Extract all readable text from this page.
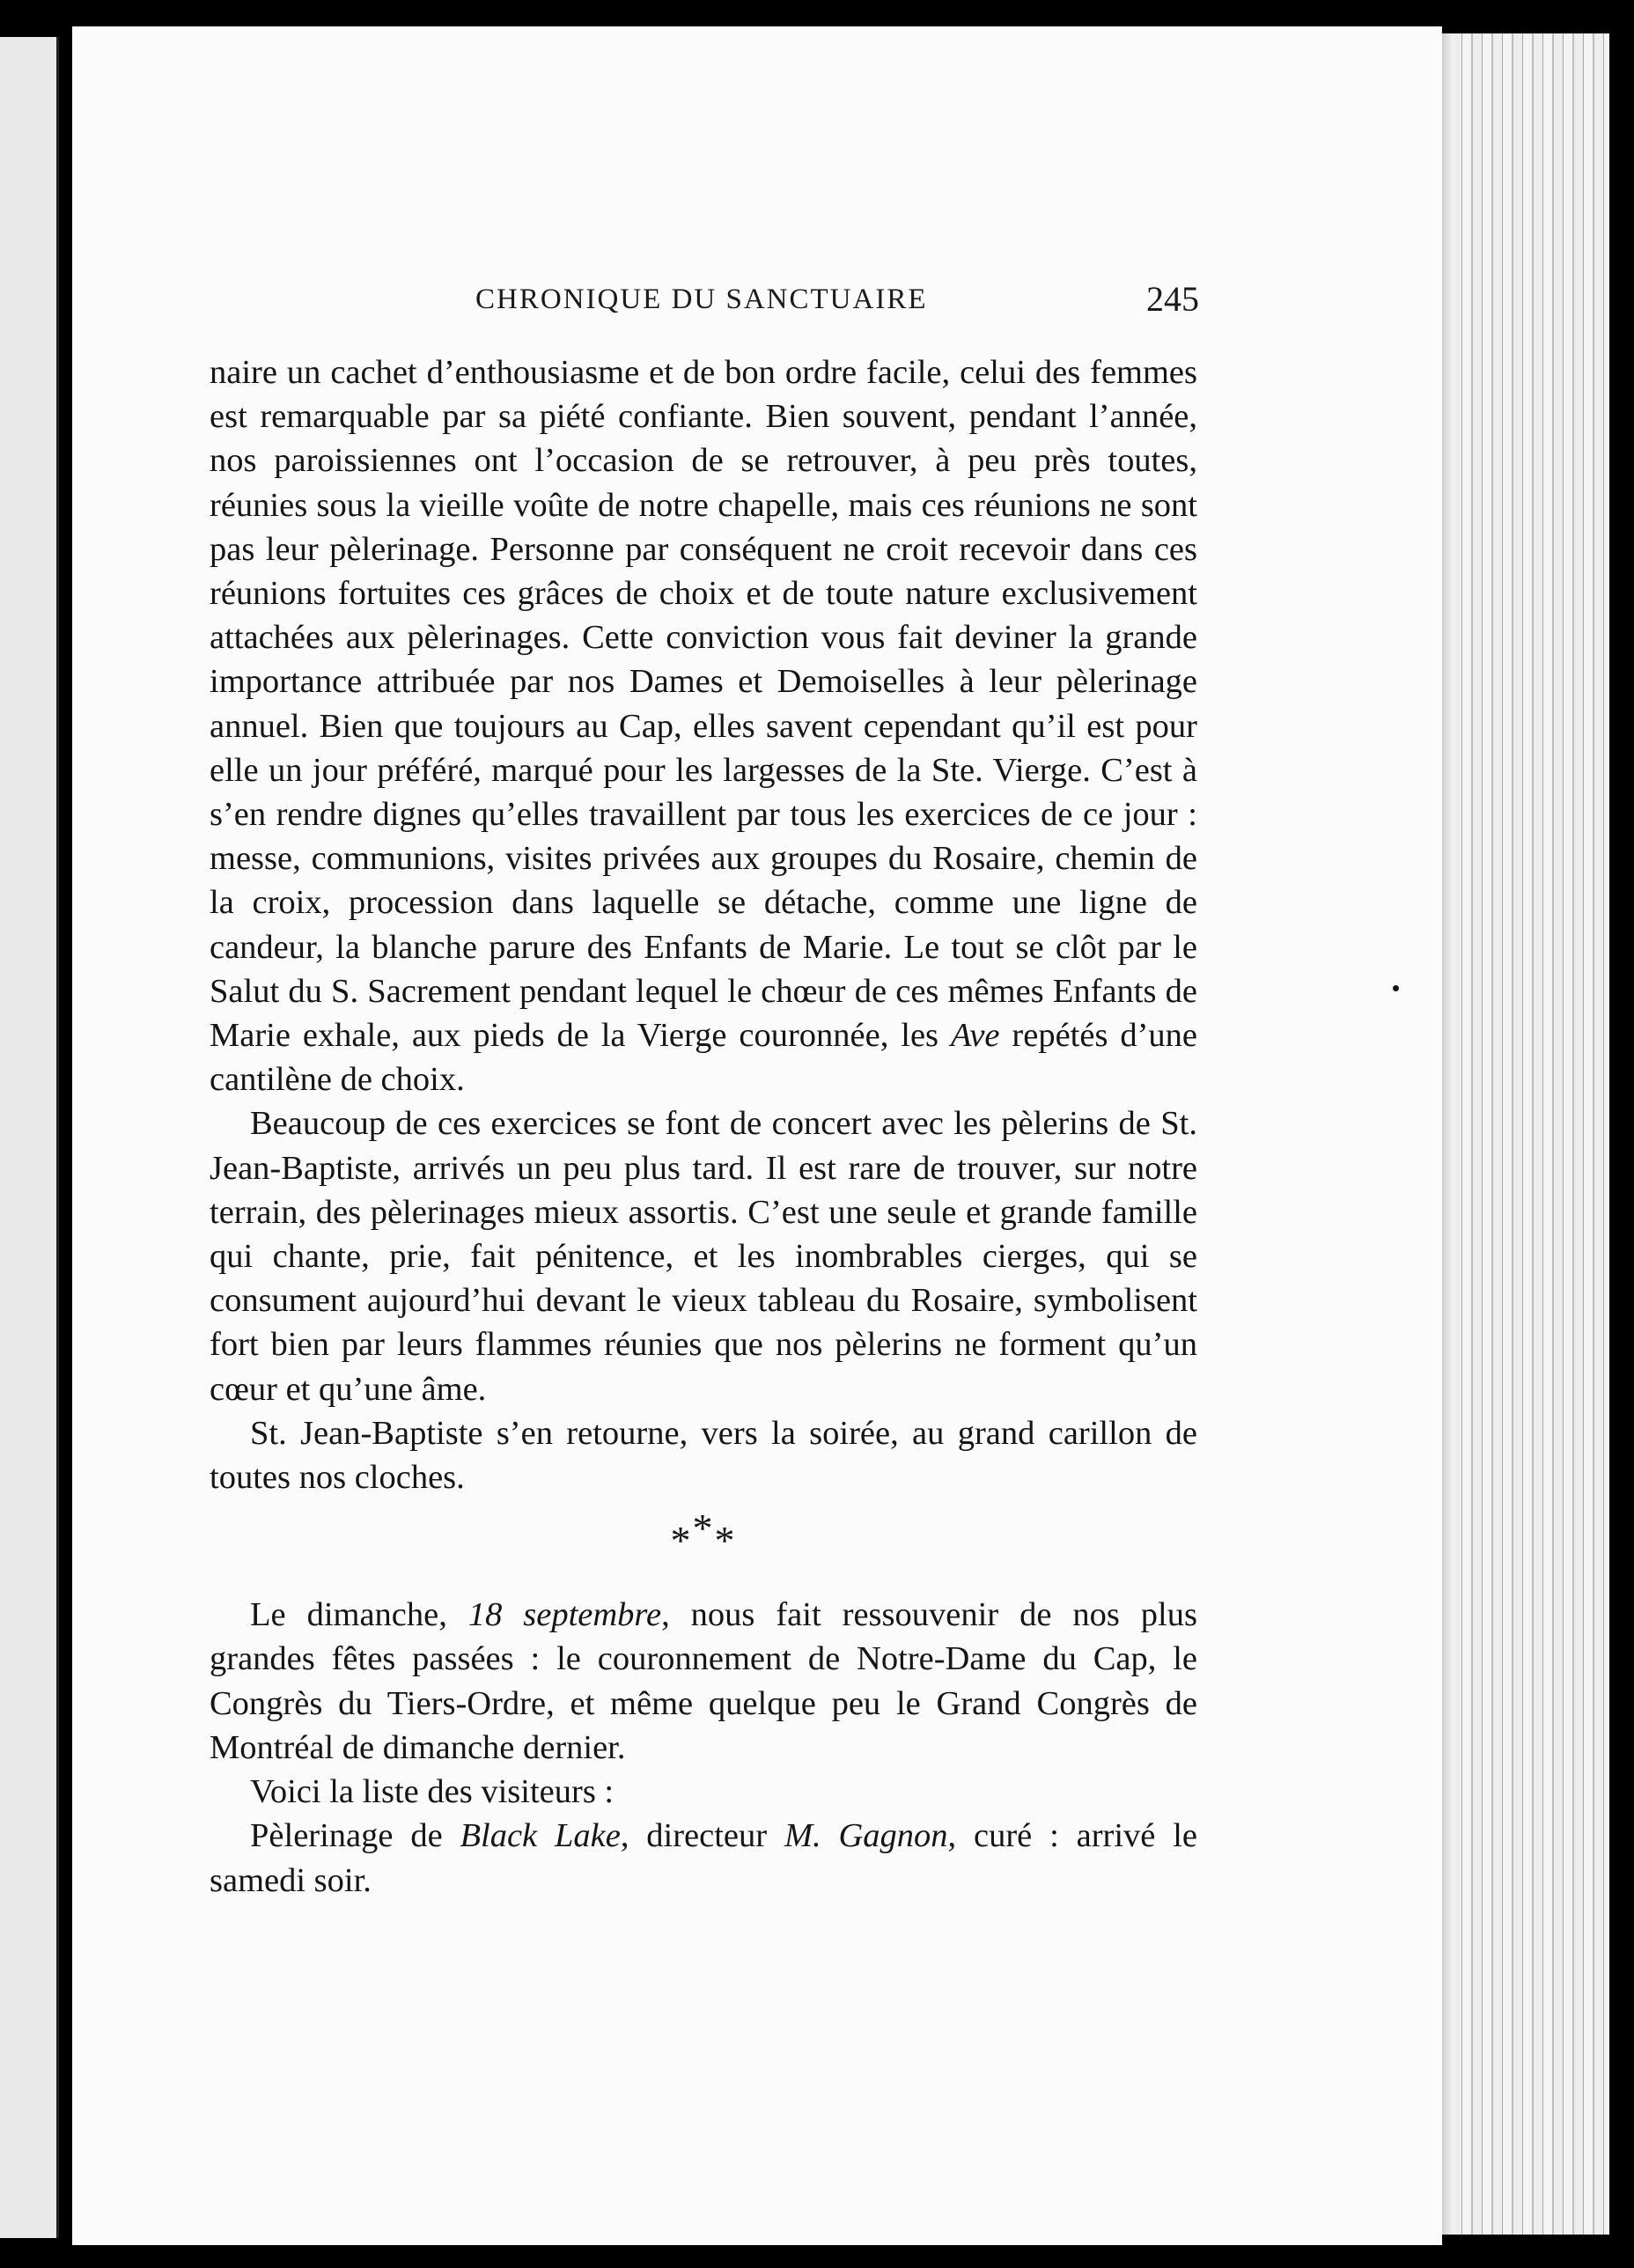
CHRONIQUE DU SANCTUAIRE	245

naire un cachet d’enthousiasme et de bon ordre facile, celui des femmes est remarquable par sa piété confiante. Bien souvent, pendant l’année, nos paroissiennes ont l’occasion de se retrouver, à peu près toutes, réunies sous la vieille voûte de notre chapelle, mais ces réunions ne sont pas leur pèlerinage. Personne par conséquent ne croit recevoir dans ces réunions fortuites ces grâces de choix et de toute nature exclusivement attachées aux pèlerinages. Cette conviction vous fait deviner la grande importance attribuée par nos Dames et Demoiselles à leur pèlerinage annuel. Bien que toujours au Cap, elles savent cependant qu’il est pour elle un jour préféré, marqué pour les largesses de la Ste. Vierge. C’est à s’en rendre dignes qu’elles travaillent par tous les exercices de ce jour : messe, communions, visites privées aux groupes du Rosaire, chemin de la croix, procession dans laquelle se détache, comme une ligne de candeur, la blanche parure des Enfants de Marie. Le tout se clôt par le Salut du S. Sacrement pendant lequel le chœur de ces mêmes Enfants de Marie exhale, aux pieds de la Vierge couronnée, les Ave repétés d’une cantilène de choix.

Beaucoup de ces exercices se font de concert avec les pèlerins de St. Jean-Baptiste, arrivés un peu plus tard. Il est rare de trouver, sur notre terrain, des pèlerinages mieux assortis. C’est une seule et grande famille qui chante, prie, fait pénitence, et les inombrables cierges, qui se consument aujourd’hui devant le vieux tableau du Rosaire, symbolisent fort bien par leurs flammes réunies que nos pèlerins ne forment qu’un cœur et qu’une âme.

St. Jean-Baptiste s’en retourne, vers la soirée, au grand carillon de toutes nos cloches.

***

Le dimanche, 18 septembre, nous fait ressouvenir de nos plus grandes fêtes passées : le couronnement de Notre-Dame du Cap, le Congrès du Tiers-Ordre, et même quelque peu le Grand Congrès de Montréal de dimanche dernier.

Voici la liste des visiteurs :

Pèlerinage de Black Lake, directeur M. Gagnon, curé : arrivé le samedi soir.
